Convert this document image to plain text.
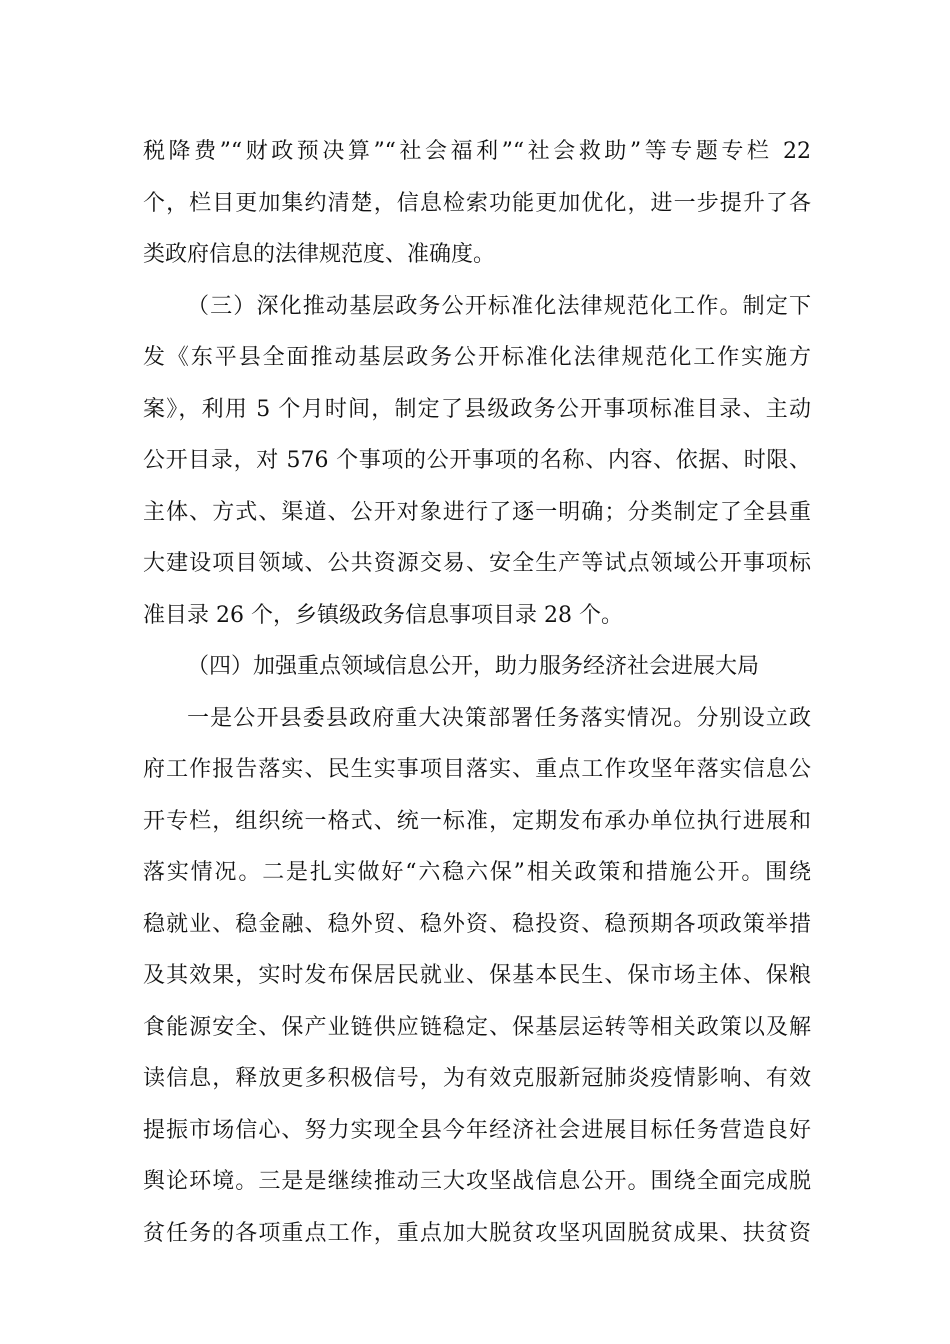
税降费”“财政预决算”“社会福利”“社会救助”等专题专栏 22
个，栏目更加集约清楚，信息检索功能更加优化，进一步提升了各
类政府信息的法律规范度、准确度。
（三）深化推动基层政务公开标准化法律规范化工作。制定下
发《东平县全面推动基层政务公开标准化法律规范化工作实施方
案》，利用 5 个月时间，制定了县级政务公开事项标准目录、主动
公开目录，对 576 个事项的公开事项的名称、内容、依据、时限、
主体、方式、渠道、公开对象进行了逐一明确；分类制定了全县重
大建设项目领域、公共资源交易、安全生产等试点领域公开事项标
准目录 26 个，乡镇级政务信息事项目录 28 个。
（四）加强重点领域信息公开，助力服务经济社会进展大局
一是公开县委县政府重大决策部署任务落实情况。分别设立政
府工作报告落实、民生实事项目落实、重点工作攻坚年落实信息公
开专栏，组织统一格式、统一标准，定期发布承办单位执行进展和
落实情况。二是扎实做好“六稳六保”相关政策和措施公开。围绕
稳就业、稳金融、稳外贸、稳外资、稳投资、稳预期各项政策举措
及其效果，实时发布保居民就业、保基本民生、保市场主体、保粮
食能源安全、保产业链供应链稳定、保基层运转等相关政策以及解
读信息，释放更多积极信号，为有效克服新冠肺炎疫情影响、有效
提振市场信心、努力实现全县今年经济社会进展目标任务营造良好
舆论环境。三是是继续推动三大攻坚战信息公开。围绕全面完成脱
贫任务的各项重点工作，重点加大脱贫攻坚巩固脱贫成果、扶贫资
